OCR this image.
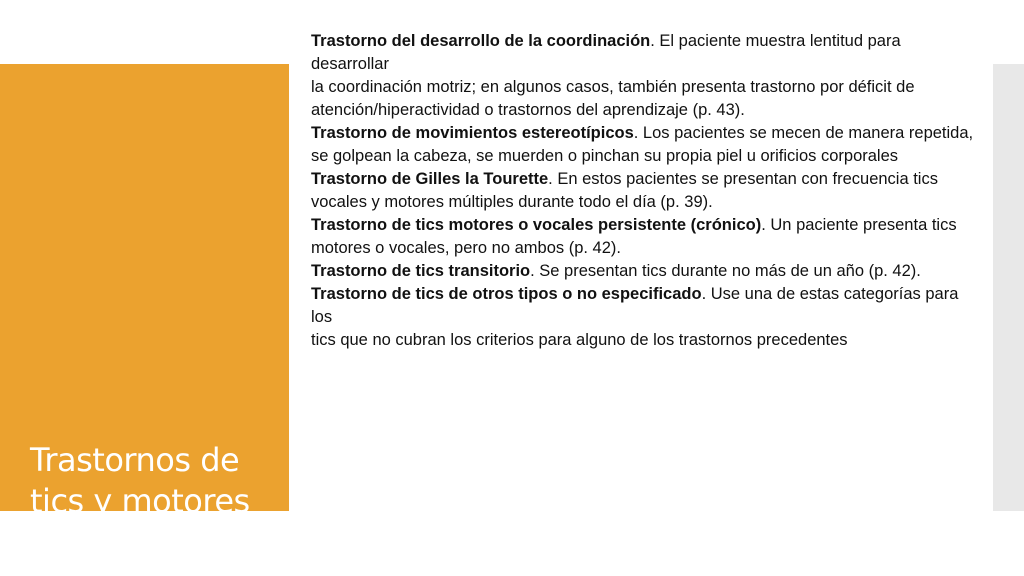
Trastornos de tics y motores
Trastorno del desarrollo de la coordinación. El paciente muestra lentitud para desarrollar
la coordinación motriz; en algunos casos, también presenta trastorno por déficit de
atención/hiperactividad o trastornos del aprendizaje (p. 43).
Trastorno de movimientos estereotípicos. Los pacientes se mecen de manera repetida,
se golpean la cabeza, se muerden o pinchan su propia piel u orificios corporales
Trastorno de Gilles la Tourette. En estos pacientes se presentan con frecuencia tics
vocales y motores múltiples durante todo el día (p. 39).
Trastorno de tics motores o vocales persistente (crónico). Un paciente presenta tics
motores o vocales, pero no ambos (p. 42).
Trastorno de tics transitorio. Se presentan tics durante no más de un año (p. 42).
Trastorno de tics de otros tipos o no especificado. Use una de estas categorías para los
tics que no cubran los criterios para alguno de los trastornos precedentes
